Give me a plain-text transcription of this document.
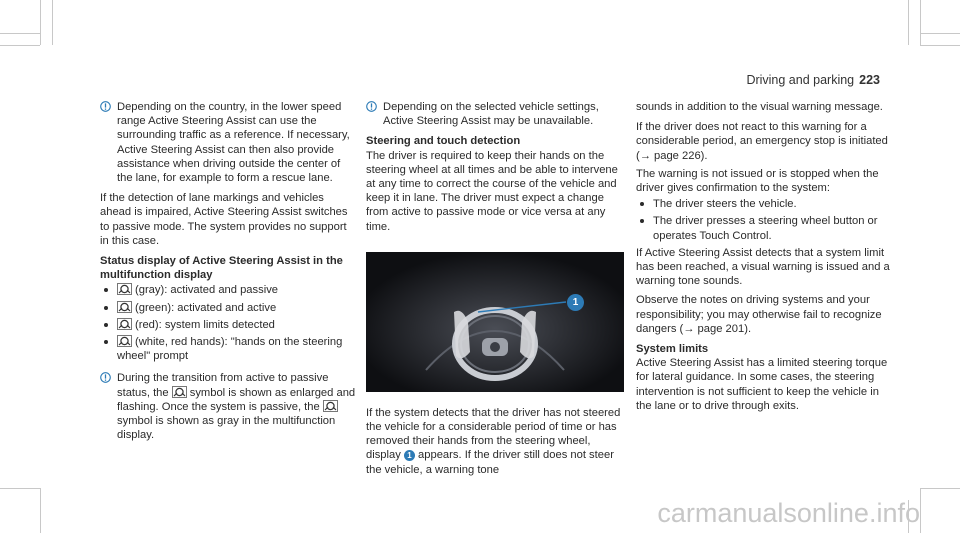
Driving and parking 223
Depending on the country, in the lower speed range Active Steering Assist can use the surrounding traffic as a reference. If necessary, Active Steering Assist can then also provide assistance when driving outside the center of the lane, for example to form a rescue lane.

If the detection of lane markings and vehicles ahead is impaired, Active Steering Assist switches to passive mode. The system provides no support in this case.

Status display of Active Steering Assist in the multifunction display

(gray): activated and passive
(green): activated and active
(red): system limits detected
(white, red hands): "hands on the steering wheel" prompt
During the transition from active to passive status, the symbol is shown as enlarged and flashing. Once the system is passive, the symbol is shown as gray in the multifunction display.
Depending on the selected vehicle settings, Active Steering Assist may be unavailable.

Steering and touch detection

The driver is required to keep their hands on the steering wheel at all times and be able to intervene at any time to correct the course of the vehicle and keep it in lane. The driver must expect a change from active to passive mode or vice versa at any time.

1

If the system detects that the driver has not steered the vehicle for a considerable period of time or has removed their hands from the steering wheel, display 1 appears. If the driver still does not steer the vehicle, a warning tone

sounds in addition to the visual warning message.

If the driver does not react to this warning for a considerable period, an emergency stop is initiated (→ page 226).

The warning is not issued or is stopped when the driver gives confirmation to the system:

The driver steers the vehicle.
The driver presses a steering wheel button or operates Touch Control.

If Active Steering Assist detects that a system limit has been reached, a visual warning is issued and a warning tone sounds.

Observe the notes on driving systems and your responsibility; you may otherwise fail to recognize dangers (→ page 201).

System limits

Active Steering Assist has a limited steering torque for lateral guidance. In some cases, the steering intervention is not sufficient to keep the vehicle in the lane or to drive through exits.

carmanualsonline.info
